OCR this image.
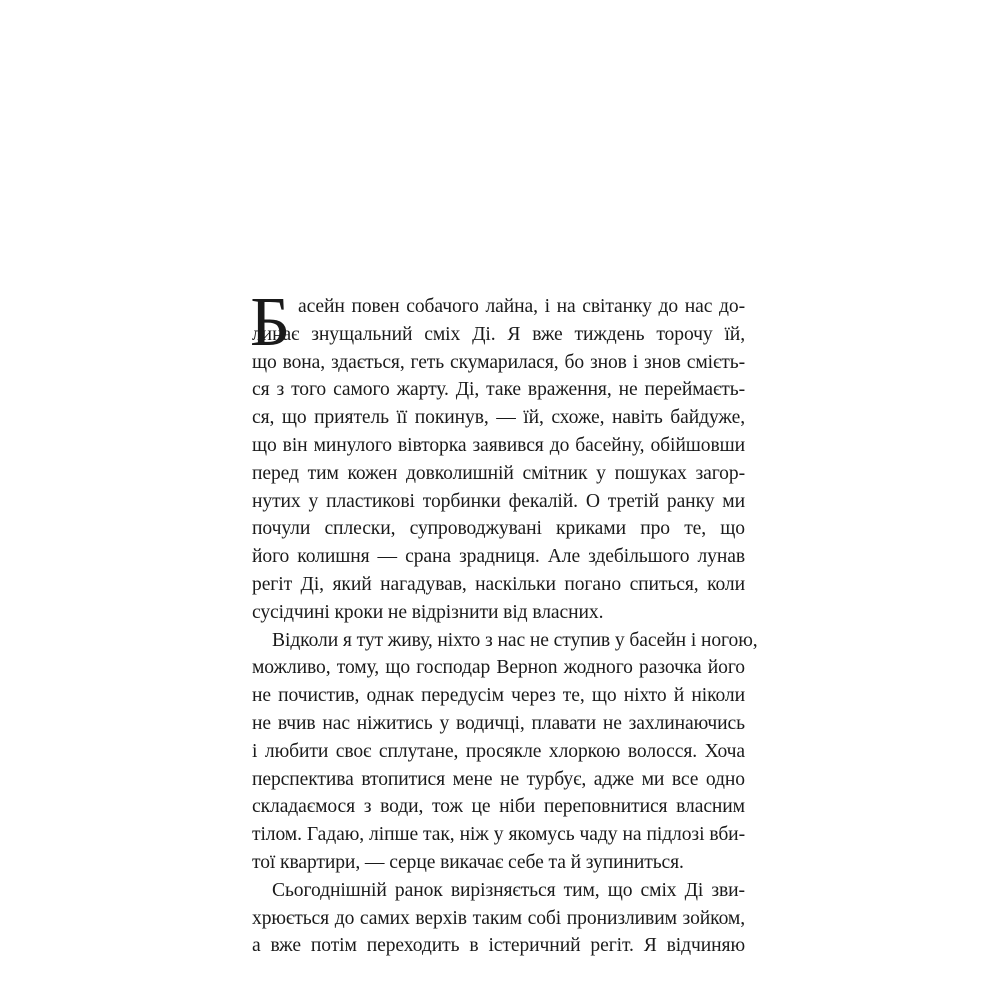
Б асейн повен собачого лайна, і на світанку до нас до-
линає знущальний сміх Ді. Я вже тиждень торочу їй,
що вона, здається, геть скумарилася, бо знов і знов смієть-
ся з того самого жарту. Ді, таке враження, не переймаєть-
ся, що приятель її покинув, — їй, схоже, навіть байдуже,
що він минулого вівторка заявився до басейну, обійшовши
перед тим кожен довколишній смітник у пошуках загор-
нутих у пластикові торбинки фекалій. О третій ранку ми
почули сплески, супроводжувані криками про те, що
його колишня — срана зрадниця. Але здебільшого лунав
регіт Ді, який нагадував, наскільки погано спиться, коли
сусідчині кроки не відрізнити від власних.
Відколи я тут живу, ніхто з нас не ступив у басейн і ногою,
можливо, тому, що господар Верноn жодного разочка його
не почистив, однак передусім через те, що ніхто й ніколи
не вчив нас ніжитись у водичці, плавати не захлинаючись
і любити своє сплутане, просякле хлоркою волосся. Хоча
перспектива втопитися мене не турбує, адже ми все одно
складаємося з води, тож це ніби переповнитися власним
тілом. Гадаю, ліпше так, ніж у якомусь чаду на підлозі вби-
тої квартири, — серце викачає себе та й зупиниться.
Сьогоднішній ранок вирізняється тим, що сміх Ді зви-
хрюється до самих верхів таким собі пронизливим зойком,
а вже потім переходить в істеричний регіт. Я відчиняю
